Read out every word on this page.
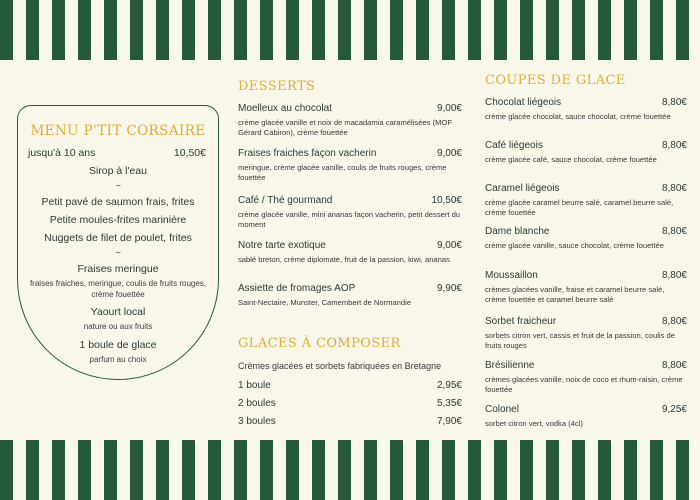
MENU P'TIT CORSAIRE
jusqu'à 10 ans	10,50€
Sirop à l'eau
~
Petit pavé de saumon frais, frites
Petite moules-frites marinière
Nuggets de filet de poulet, frites
~
Fraises meringue
fraises fraiches, meringue, coulis de fruits rouges, crème fouettée
Yaourt local
nature ou aux fruits
1 boule de glace
parfum au choix
DESSERTS
Moelleux au chocolat	9,00€
crème glacée vanille et noix de macadamia caramélisées (MOF Gérard Cabiron), crème fouettée
Fraises fraiches façon vacherin	9,00€
meringue, crème glacée vanille, coulis de fruits rouges, crème fouettée
Café / Thé gourmand	10,50€
crème glacée vanille, mini ananas façon vacherin, petit dessert du moment
Notre tarte exotique	9,00€
sablé breton, crème diplomate, fruit de la passion, kiwi, ananas
Assiette de fromages AOP	9,90€
Saint-Nectaire, Munster, Camembert de Normandie
GLACES À COMPOSER
Crèmes glacées et sorbets fabriquées en Bretagne
1 boule	2,95€
2 boules	5,35€
3 boules	7,90€
COUPES DE GLACE
Chocolat liégeois	8,80€
crème glacée chocolat, sauce chocolat, crème fouettée
Café liégeois	8,80€
crème glacée café, sauce chocolat, crème fouettée
Caramel liégeois	8,80€
crème glacée caramel beurre salé, caramel beurre salé, crème fouettée
Dame blanche	8,80€
crème glacée vanille, sauce chocolat, crème fouettée
Moussaillon	8,80€
crèmes glacées vanille, fraise et caramel beurre salé, crème fouettée et caramel beurre salé
Sorbet fraicheur	8,80€
sorbets citron vert, cassis et fruit de la passion, coulis de fruits rouges
Brésilienne	8,80€
crèmes glacées vanille, noix de coco et rhum-raisin, crème fouettée
Colonel	9,25€
sorbet citron vert, vodka (4cl)
